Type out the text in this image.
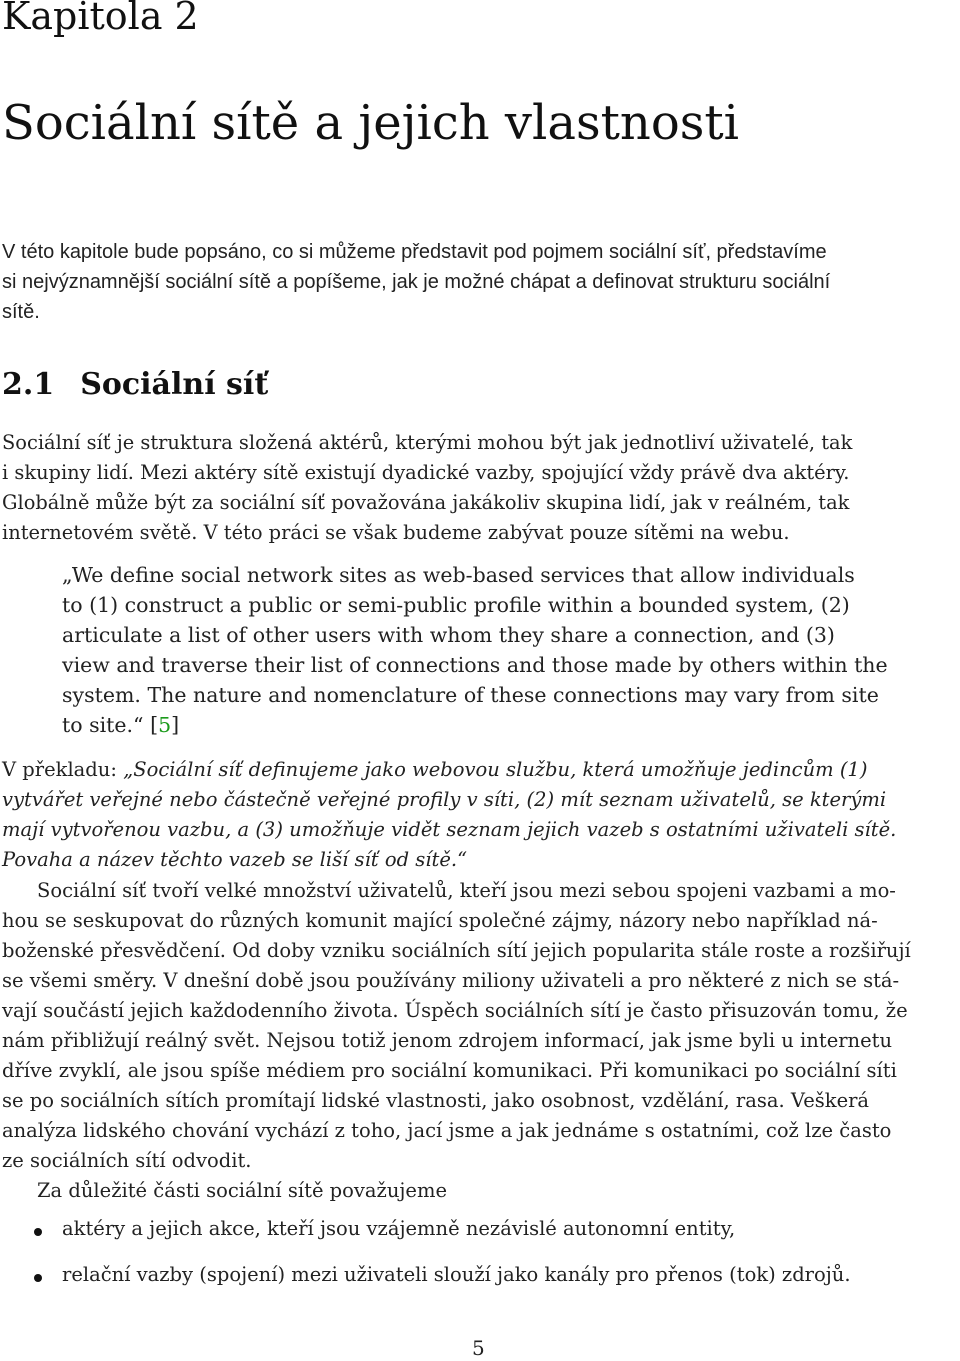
Kapitola 2
Sociální sítě a jejich vlastnosti
V této kapitole bude popsáno, co si můžeme představit pod pojmem sociální síť, představíme
si nejvýznamnější sociální sítě a popíšeme, jak je možné chápat a definovat strukturu sociální
sítě.
2.1 Sociální síť
Sociální síť je struktura složená aktérů, kterými mohou být jak jednotliví uživatelé, tak
i skupiny lidí. Mezi aktéry sítě existují dyadické vazby, spojující vždy právě dva aktéry.
Globálně může být za sociální síť považována jakákoliv skupina lidí, jak v reálném, tak
internetovém světě. V této práci se však budeme zabývat pouze sítěmi na webu.
„We define social network sites as web-based services that allow individuals
to (1) construct a public or semi-public profile within a bounded system, (2)
articulate a list of other users with whom they share a connection, and (3)
view and traverse their list of connections and those made by others within the
system. The nature and nomenclature of these connections may vary from site
to site.“ [5]
V překladu: „Sociální síť definujeme jako webovou službu, která umožňuje jedincům (1)
vytvářet veřejné nebo částečně veřejné profily v síti, (2) mít seznam uživatelů, se kterými
mají vytvořenou vazbu, a (3) umožňuje vidět seznam jejich vazeb s ostatními uživateli sítě.
Povaha a název těchto vazeb se liší síť od sítě.“
Sociální síť tvoří velké množství uživatelů, kteří jsou mezi sebou spojeni vazbami a mo-
hou se seskupovat do různých komunit mající společné zájmy, názory nebo například ná-
boženské přesvědčení. Od doby vzniku sociálních sítí jejich popularita stále roste a rozšiřují
se všemi směry. V dnešní době jsou používány miliony uživateli a pro některé z nich se stá-
vají součástí jejich každodenního života. Úspěch sociálních sítí je často přisuzován tomu, že
nám přibližují reálný svět. Nejsou totiž jenom zdrojem informací, jak jsme byli u internetu
dříve zvyklí, ale jsou spíše médiem pro sociální komunikaci. Při komunikaci po sociální síti
se po sociálních sítích promítají lidské vlastnosti, jako osobnost, vzdělání, rasa. Veškerá
analýza lidského chování vychází z toho, jací jsme a jak jednáme s ostatními, což lze často
ze sociálních sítí odvodit.
Za důležité části sociální sítě považujeme
aktéry a jejich akce, kteří jsou vzájemně nezávislé autonomní entity,
relační vazby (spojení) mezi uživateli slouží jako kanály pro přenos (tok) zdrojů.
5
